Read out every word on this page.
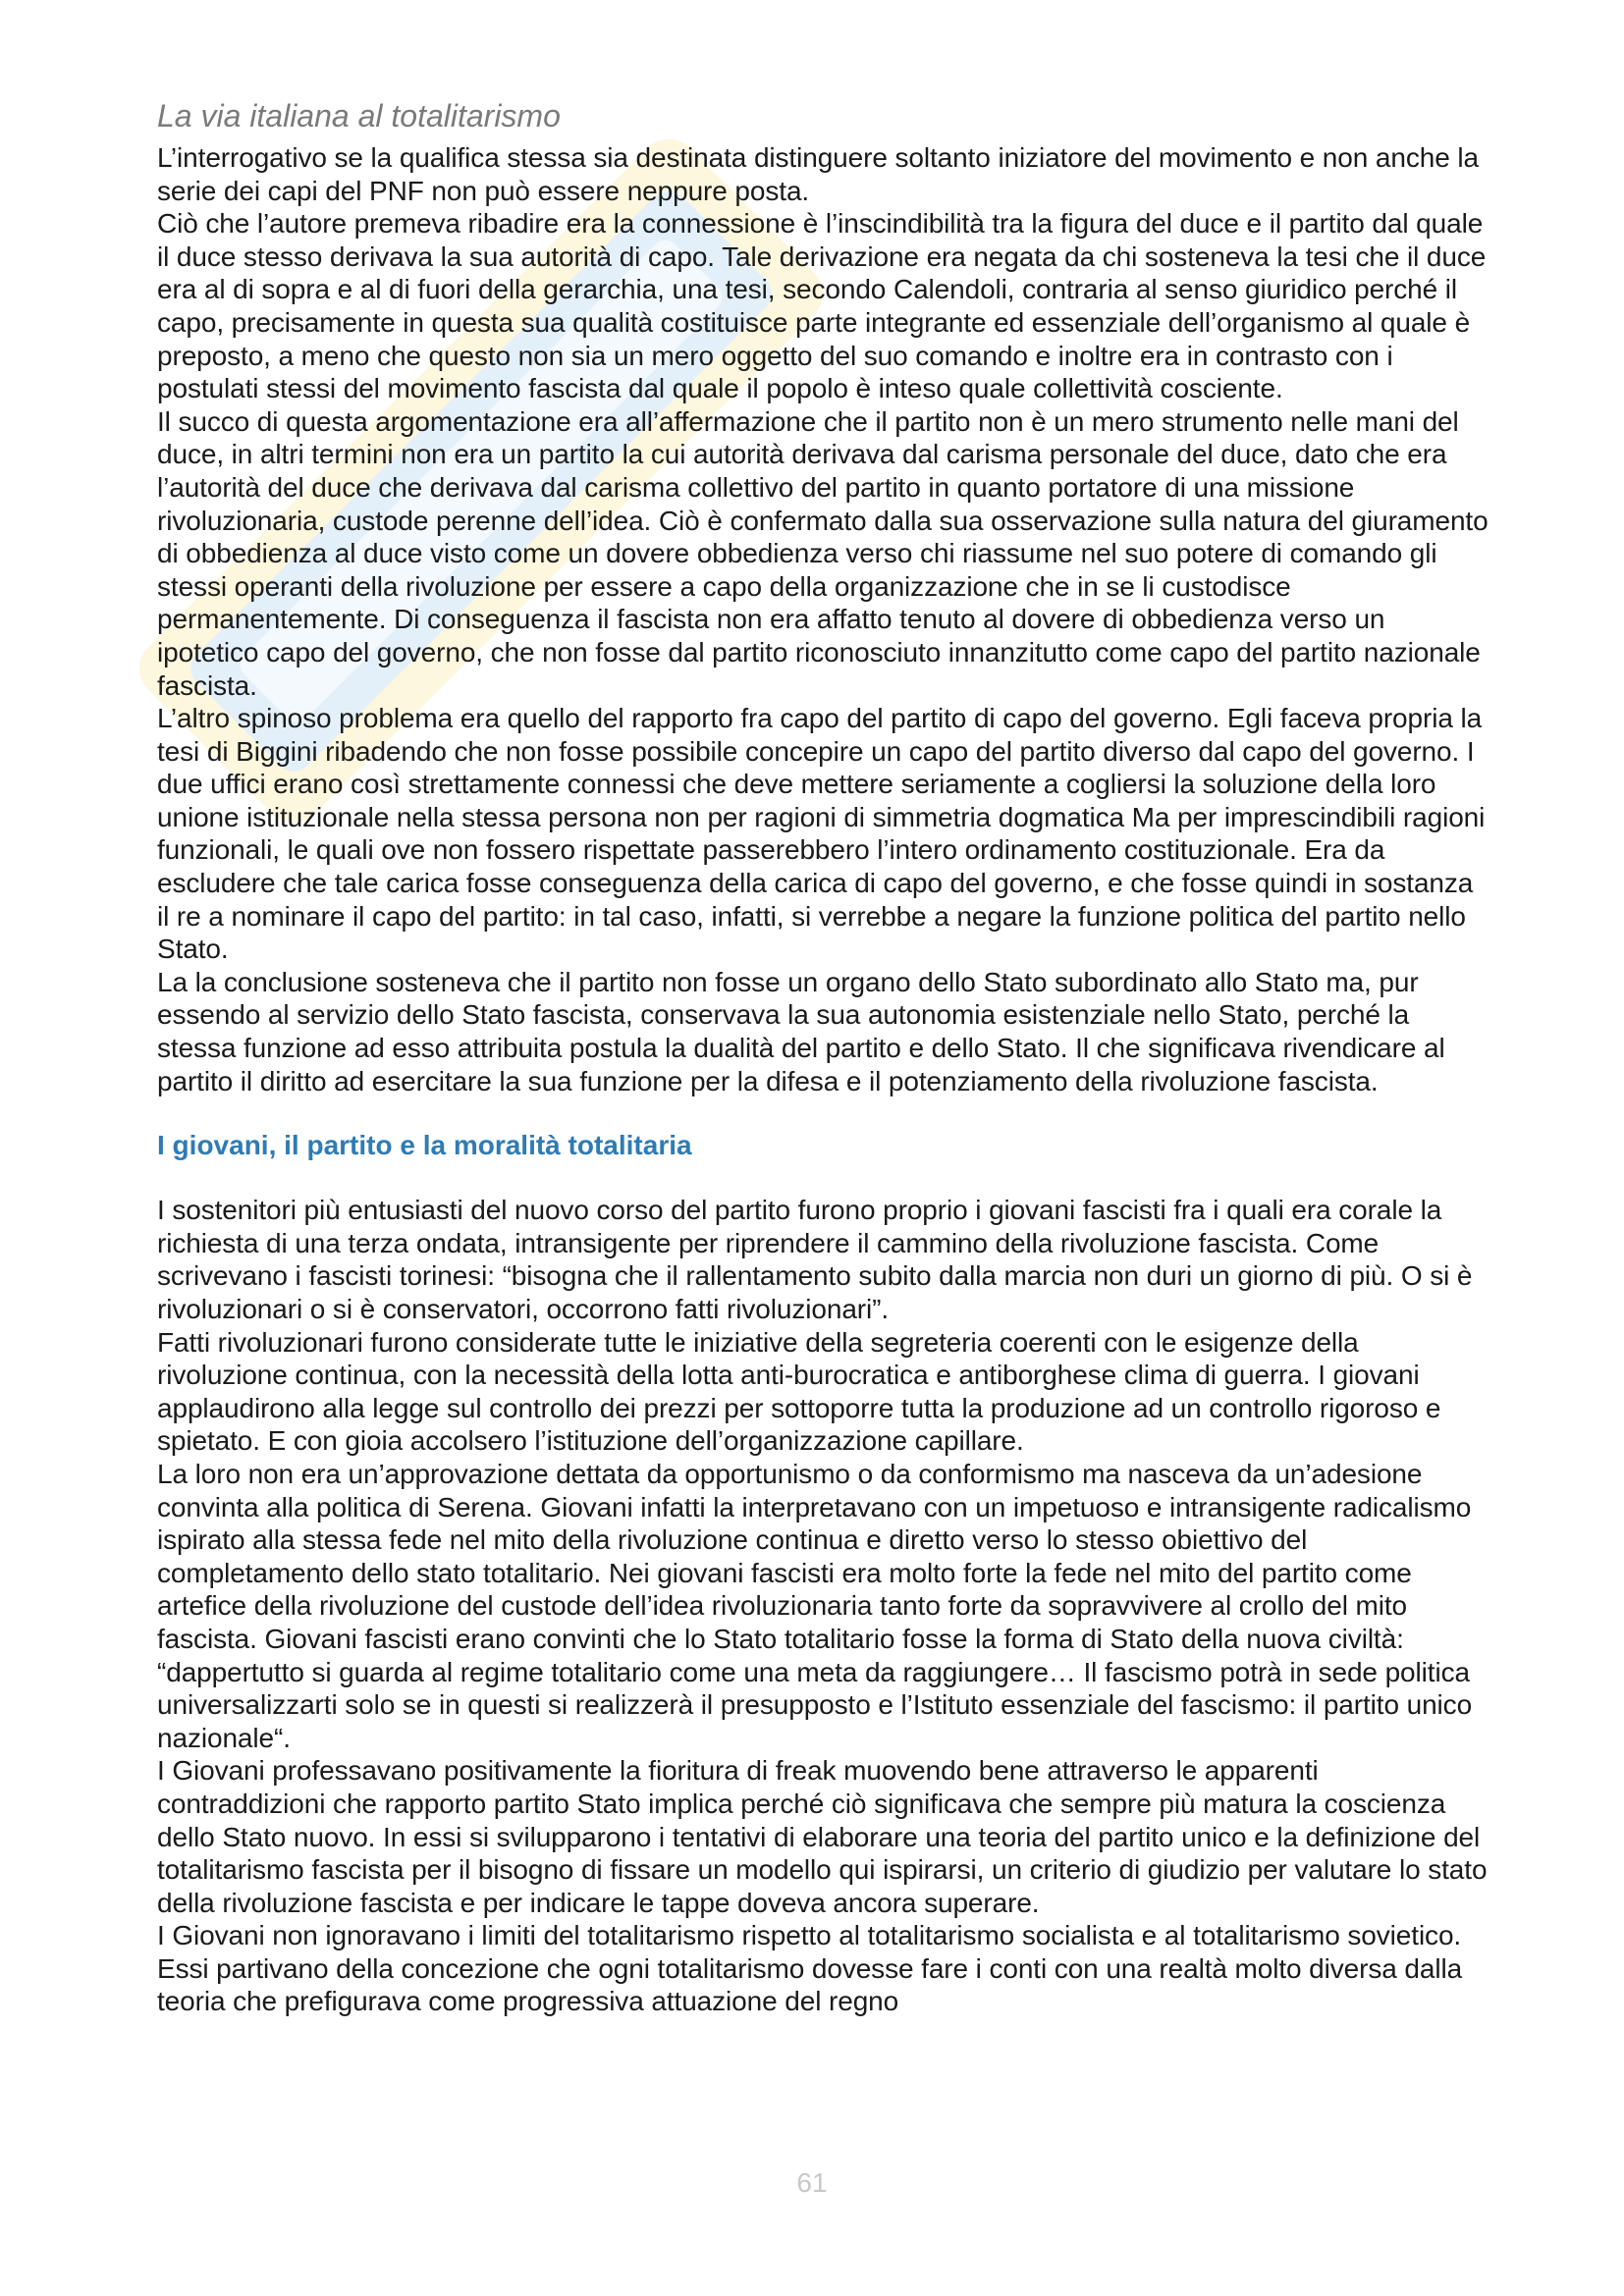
La via italiana al totalitarismo

L’interrogativo se la qualifica stessa sia destinata distinguere soltanto iniziatore del movimento e non anche la serie dei capi del PNF non può essere neppure posta.

Ciò che l’autore premeva ribadire era la connessione è l’inscindibilità tra la figura del duce e il partito dal quale il duce stesso derivava la sua autorità di capo. Tale derivazione era negata da chi sosteneva la tesi che il duce era al di sopra e al di fuori della gerarchia, una tesi, secondo Calendoli, contraria al senso giuridico perché il capo, precisamente in questa sua qualità costituisce parte integrante ed essenziale dell’organismo al quale è preposto, a meno che questo non sia un mero oggetto del suo comando e inoltre era in contrasto con i postulati stessi del movimento fascista dal quale il popolo è inteso quale collettività cosciente.

Il succo di questa argomentazione era all’affermazione che il partito non è un mero strumento nelle mani del duce, in altri termini non era un partito la cui autorità derivava dal carisma personale del duce, dato che era l’autorità del duce che derivava dal carisma collettivo del partito in quanto portatore di una missione rivoluzionaria, custode perenne dell’idea. Ciò è confermato dalla sua osservazione sulla natura del giuramento di obbedienza al duce visto come un dovere obbedienza verso chi riassume nel suo potere di comando gli stessi operanti della rivoluzione per essere a capo della organizzazione che in se li custodisce permanentemente. Di conseguenza il fascista non era affatto tenuto al dovere di obbedienza verso un ipotetico capo del governo, che non fosse dal partito riconosciuto innanzitutto come capo del partito nazionale fascista.

L’altro spinoso problema era quello del rapporto fra capo del partito di capo del governo. Egli faceva propria la tesi di Biggini ribadendo che non fosse possibile concepire un capo del partito diverso dal capo del governo. I due uffici erano così strettamente connessi che deve mettere seriamente a cogliersi la soluzione della loro unione istituzionale nella stessa persona non per ragioni di simmetria dogmatica Ma per imprescindibili ragioni funzionali, le quali ove non fossero rispettate passerebbero l’intero ordinamento costituzionale. Era da escludere che tale carica fosse conseguenza della carica di capo del governo, e che fosse quindi in sostanza il re a nominare il capo del partito: in tal caso, infatti, si verrebbe a negare la funzione politica del partito nello Stato.

La la conclusione sosteneva che il partito non fosse un organo dello Stato subordinato allo Stato ma, pur essendo al servizio dello Stato fascista, conservava la sua autonomia esistenziale nello Stato, perché la stessa funzione ad esso attribuita postula la dualità del partito e dello Stato. Il che significava rivendicare al partito il diritto ad esercitare la sua funzione per la difesa e il potenziamento della rivoluzione fascista.

I giovani, il partito e la moralità totalitaria

I sostenitori più entusiasti del nuovo corso del partito furono proprio i giovani fascisti fra i quali era corale la richiesta di una terza ondata, intransigente per riprendere il cammino della rivoluzione fascista. Come scrivevano i fascisti torinesi: “bisogna che il rallentamento subito dalla marcia non duri un giorno di più. O si è rivoluzionari o si è conservatori, occorrono fatti rivoluzionari”.

Fatti rivoluzionari furono considerate tutte le iniziative della segreteria coerenti con le esigenze della rivoluzione continua, con la necessità della lotta anti-burocratica e antiborghese clima di guerra. I giovani applaudirono alla legge sul controllo dei prezzi per sottoporre tutta la produzione ad un controllo rigoroso e spietato. E con gioia accolsero l’istituzione dell’organizzazione capillare.

La loro non era un’approvazione dettata da opportunismo o da conformismo ma nasceva da un’adesione convinta alla politica di Serena. Giovani infatti la interpretavano con un impetuoso e intransigente radicalismo ispirato alla stessa fede nel mito della rivoluzione continua e diretto verso lo stesso obiettivo del completamento dello stato totalitario. Nei giovani fascisti era molto forte la fede nel mito del partito come artefice della rivoluzione del custode dell’idea rivoluzionaria tanto forte da sopravvivere al crollo del mito fascista. Giovani fascisti erano convinti che lo Stato totalitario fosse la forma di Stato della nuova civiltà: “dappertutto si guarda al regime totalitario come una meta da raggiungere… Il fascismo potrà in sede politica universalizzarti solo se in questi si realizzerà il presupposto e l’Istituto essenziale del fascismo: il partito unico nazionale“.

I Giovani professavano positivamente la fioritura di freak muovendo bene attraverso le apparenti contraddizioni che rapporto partito Stato implica perché ciò significava che sempre più matura la coscienza dello Stato nuovo. In essi si svilupparono i tentativi di elaborare una teoria del partito unico e la definizione del totalitarismo fascista per il bisogno di fissare un modello qui ispirarsi, un criterio di giudizio per valutare lo stato della rivoluzione fascista e per indicare le tappe doveva ancora superare.

I Giovani non ignoravano i limiti del totalitarismo rispetto al totalitarismo socialista e al totalitarismo sovietico. Essi partivano della concezione che ogni totalitarismo dovesse fare i conti con una realtà molto diversa dalla teoria che prefigurava come progressiva attuazione del regno

61
